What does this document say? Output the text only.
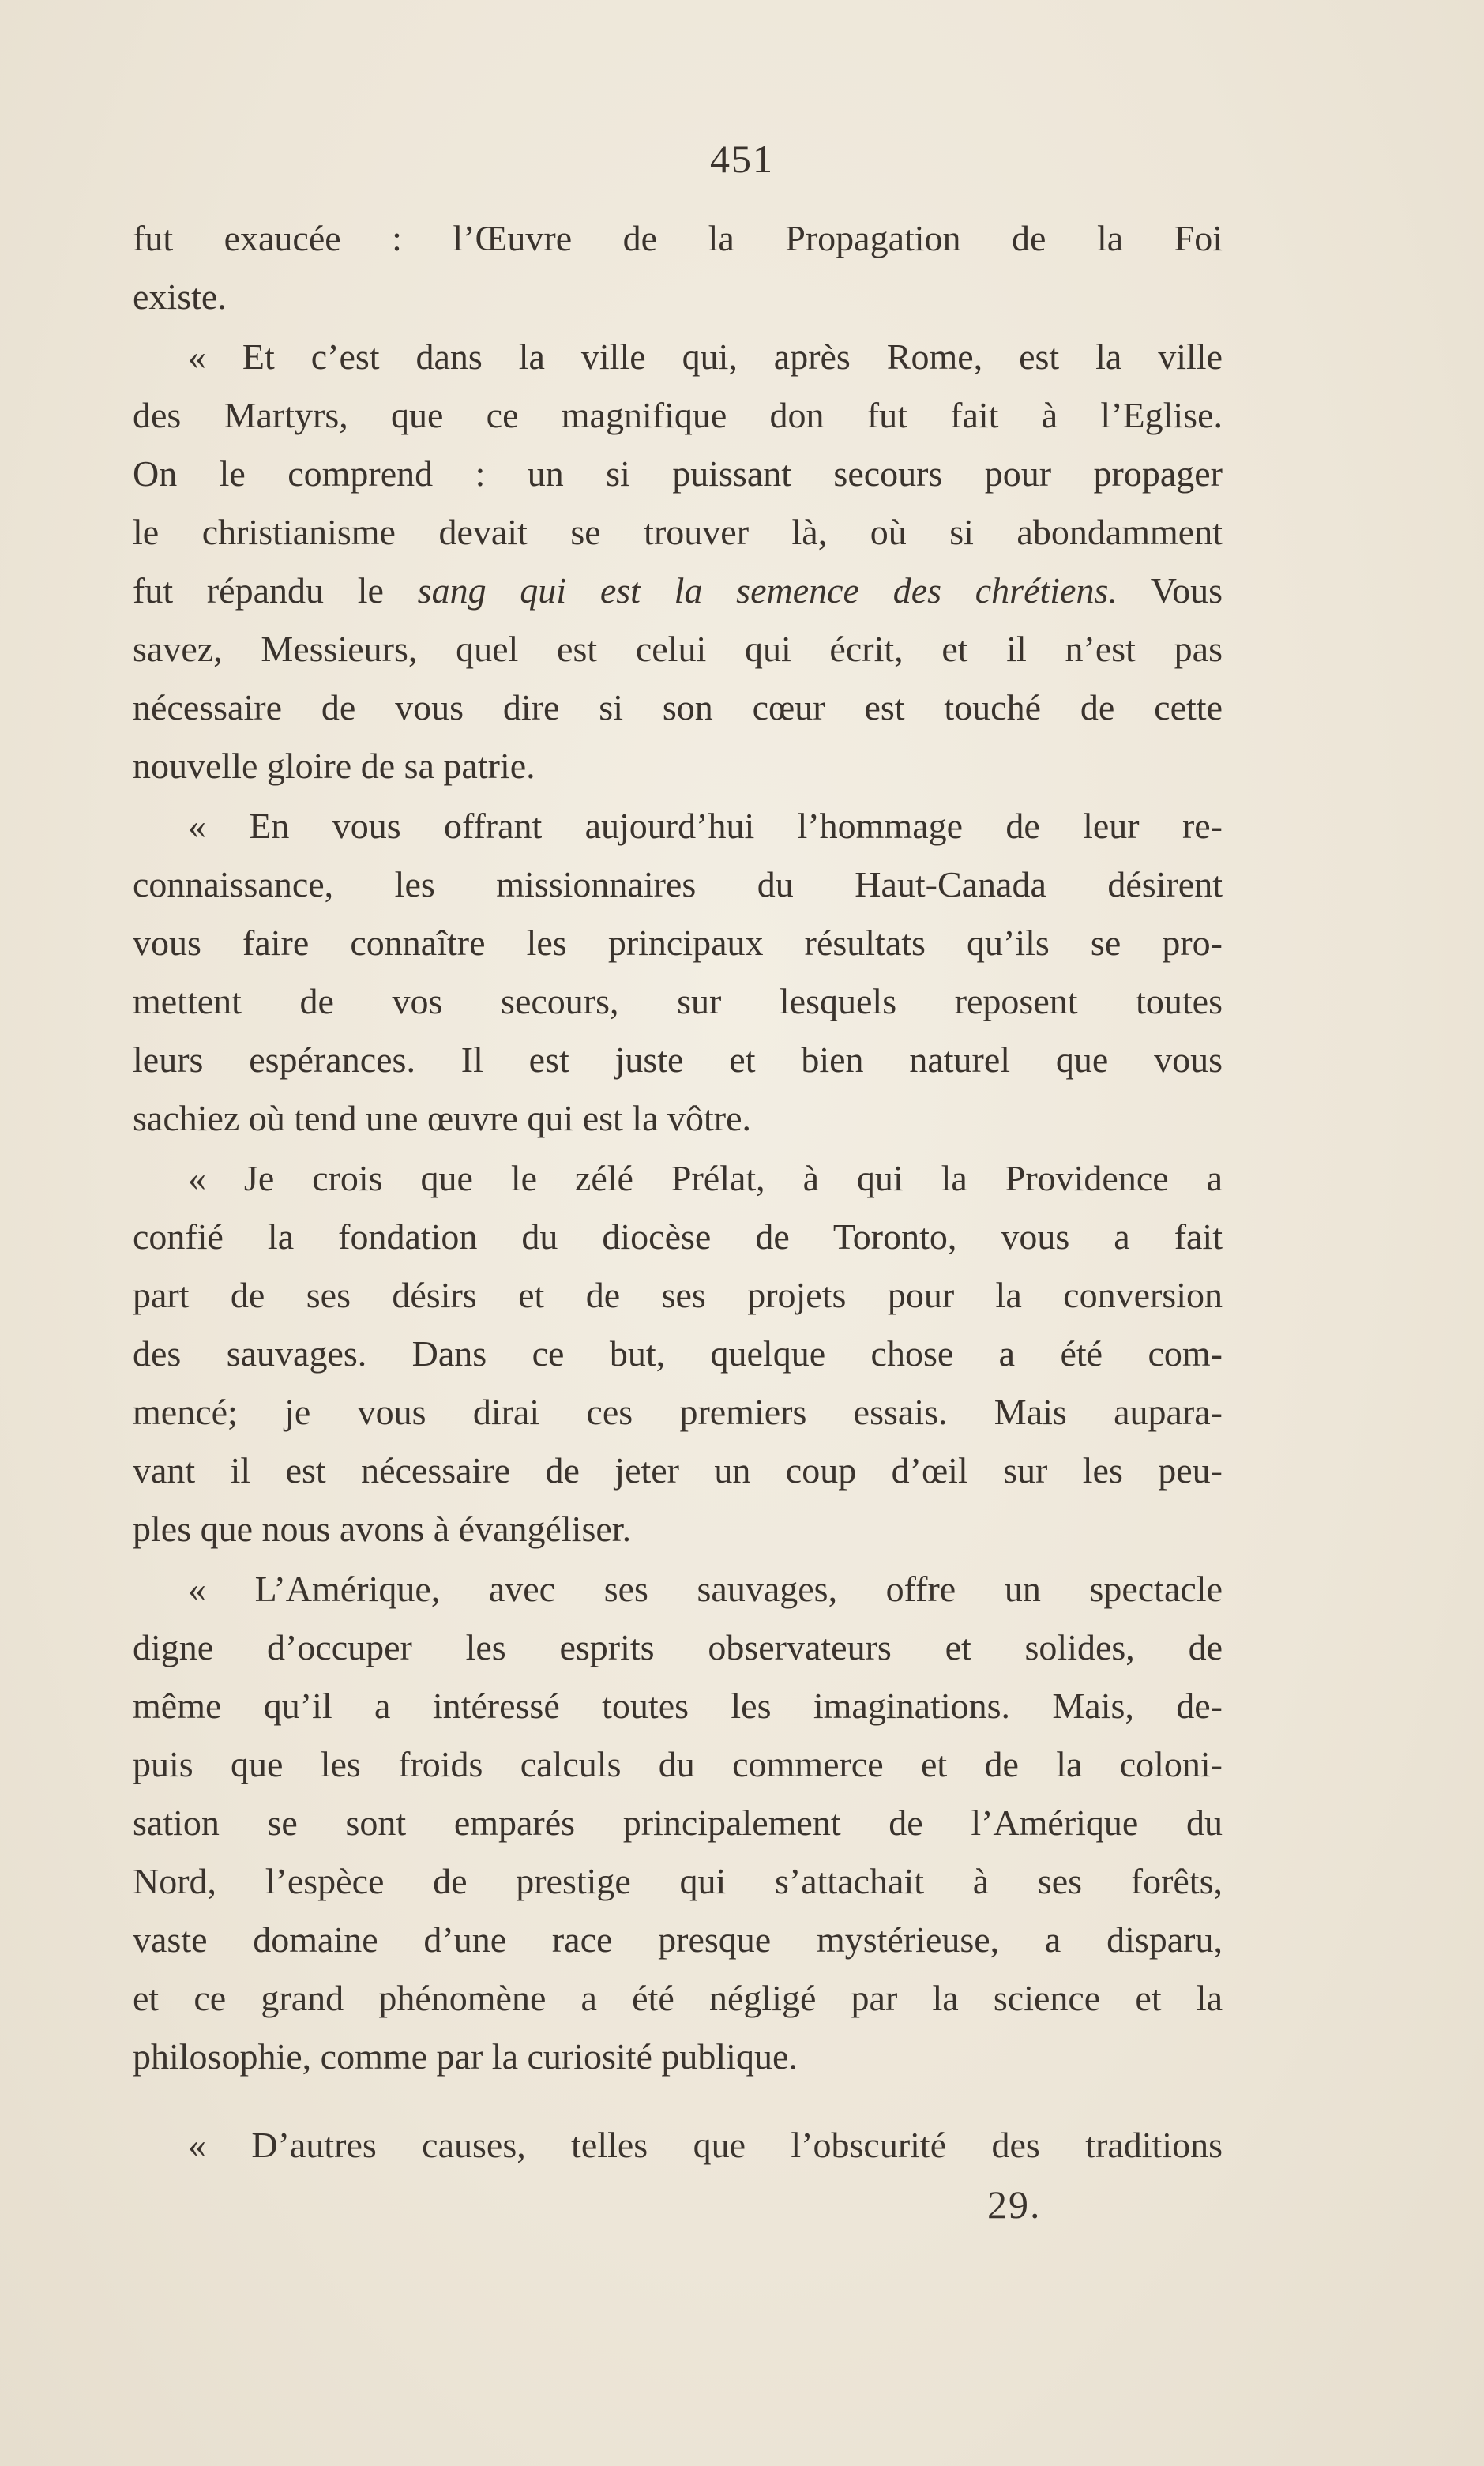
451
fut exaucée : l’Œuvre de la Propagation de la Foi
existe.
« Et c’est dans la ville qui, après Rome, est la ville
des Martyrs, que ce magnifique don fut fait à l’Eglise.
On le comprend : un si puissant secours pour propager
le christianisme devait se trouver là, où si abondamment
fut répandu le sang qui est la semence des chrétiens. Vous
savez, Messieurs, quel est celui qui écrit, et il n’est pas
nécessaire de vous dire si son cœur est touché de cette
nouvelle gloire de sa patrie.
« En vous offrant aujourd’hui l’hommage de leur re-
connaissance, les missionnaires du Haut-Canada désirent
vous faire connaître les principaux résultats qu’ils se pro-
mettent de vos secours, sur lesquels reposent toutes
leurs espérances. Il est juste et bien naturel que vous
sachiez où tend une œuvre qui est la vôtre.
« Je crois que le zélé Prélat, à qui la Providence a
confié la fondation du diocèse de Toronto, vous a fait
part de ses désirs et de ses projets pour la conversion
des sauvages. Dans ce but, quelque chose a été com-
mencé; je vous dirai ces premiers essais. Mais aupara-
vant il est nécessaire de jeter un coup d’œil sur les peu-
ples que nous avons à évangéliser.
« L’Amérique, avec ses sauvages, offre un spectacle
digne d’occuper les esprits observateurs et solides, de
même qu’il a intéressé toutes les imaginations. Mais, de-
puis que les froids calculs du commerce et de la coloni-
sation se sont emparés principalement de l’Amérique du
Nord, l’espèce de prestige qui s’attachait à ses forêts,
vaste domaine d’une race presque mystérieuse, a disparu,
et ce grand phénomène a été négligé par la science et la
philosophie, comme par la curiosité publique.
« D’autres causes, telles que l’obscurité des traditions
29.
